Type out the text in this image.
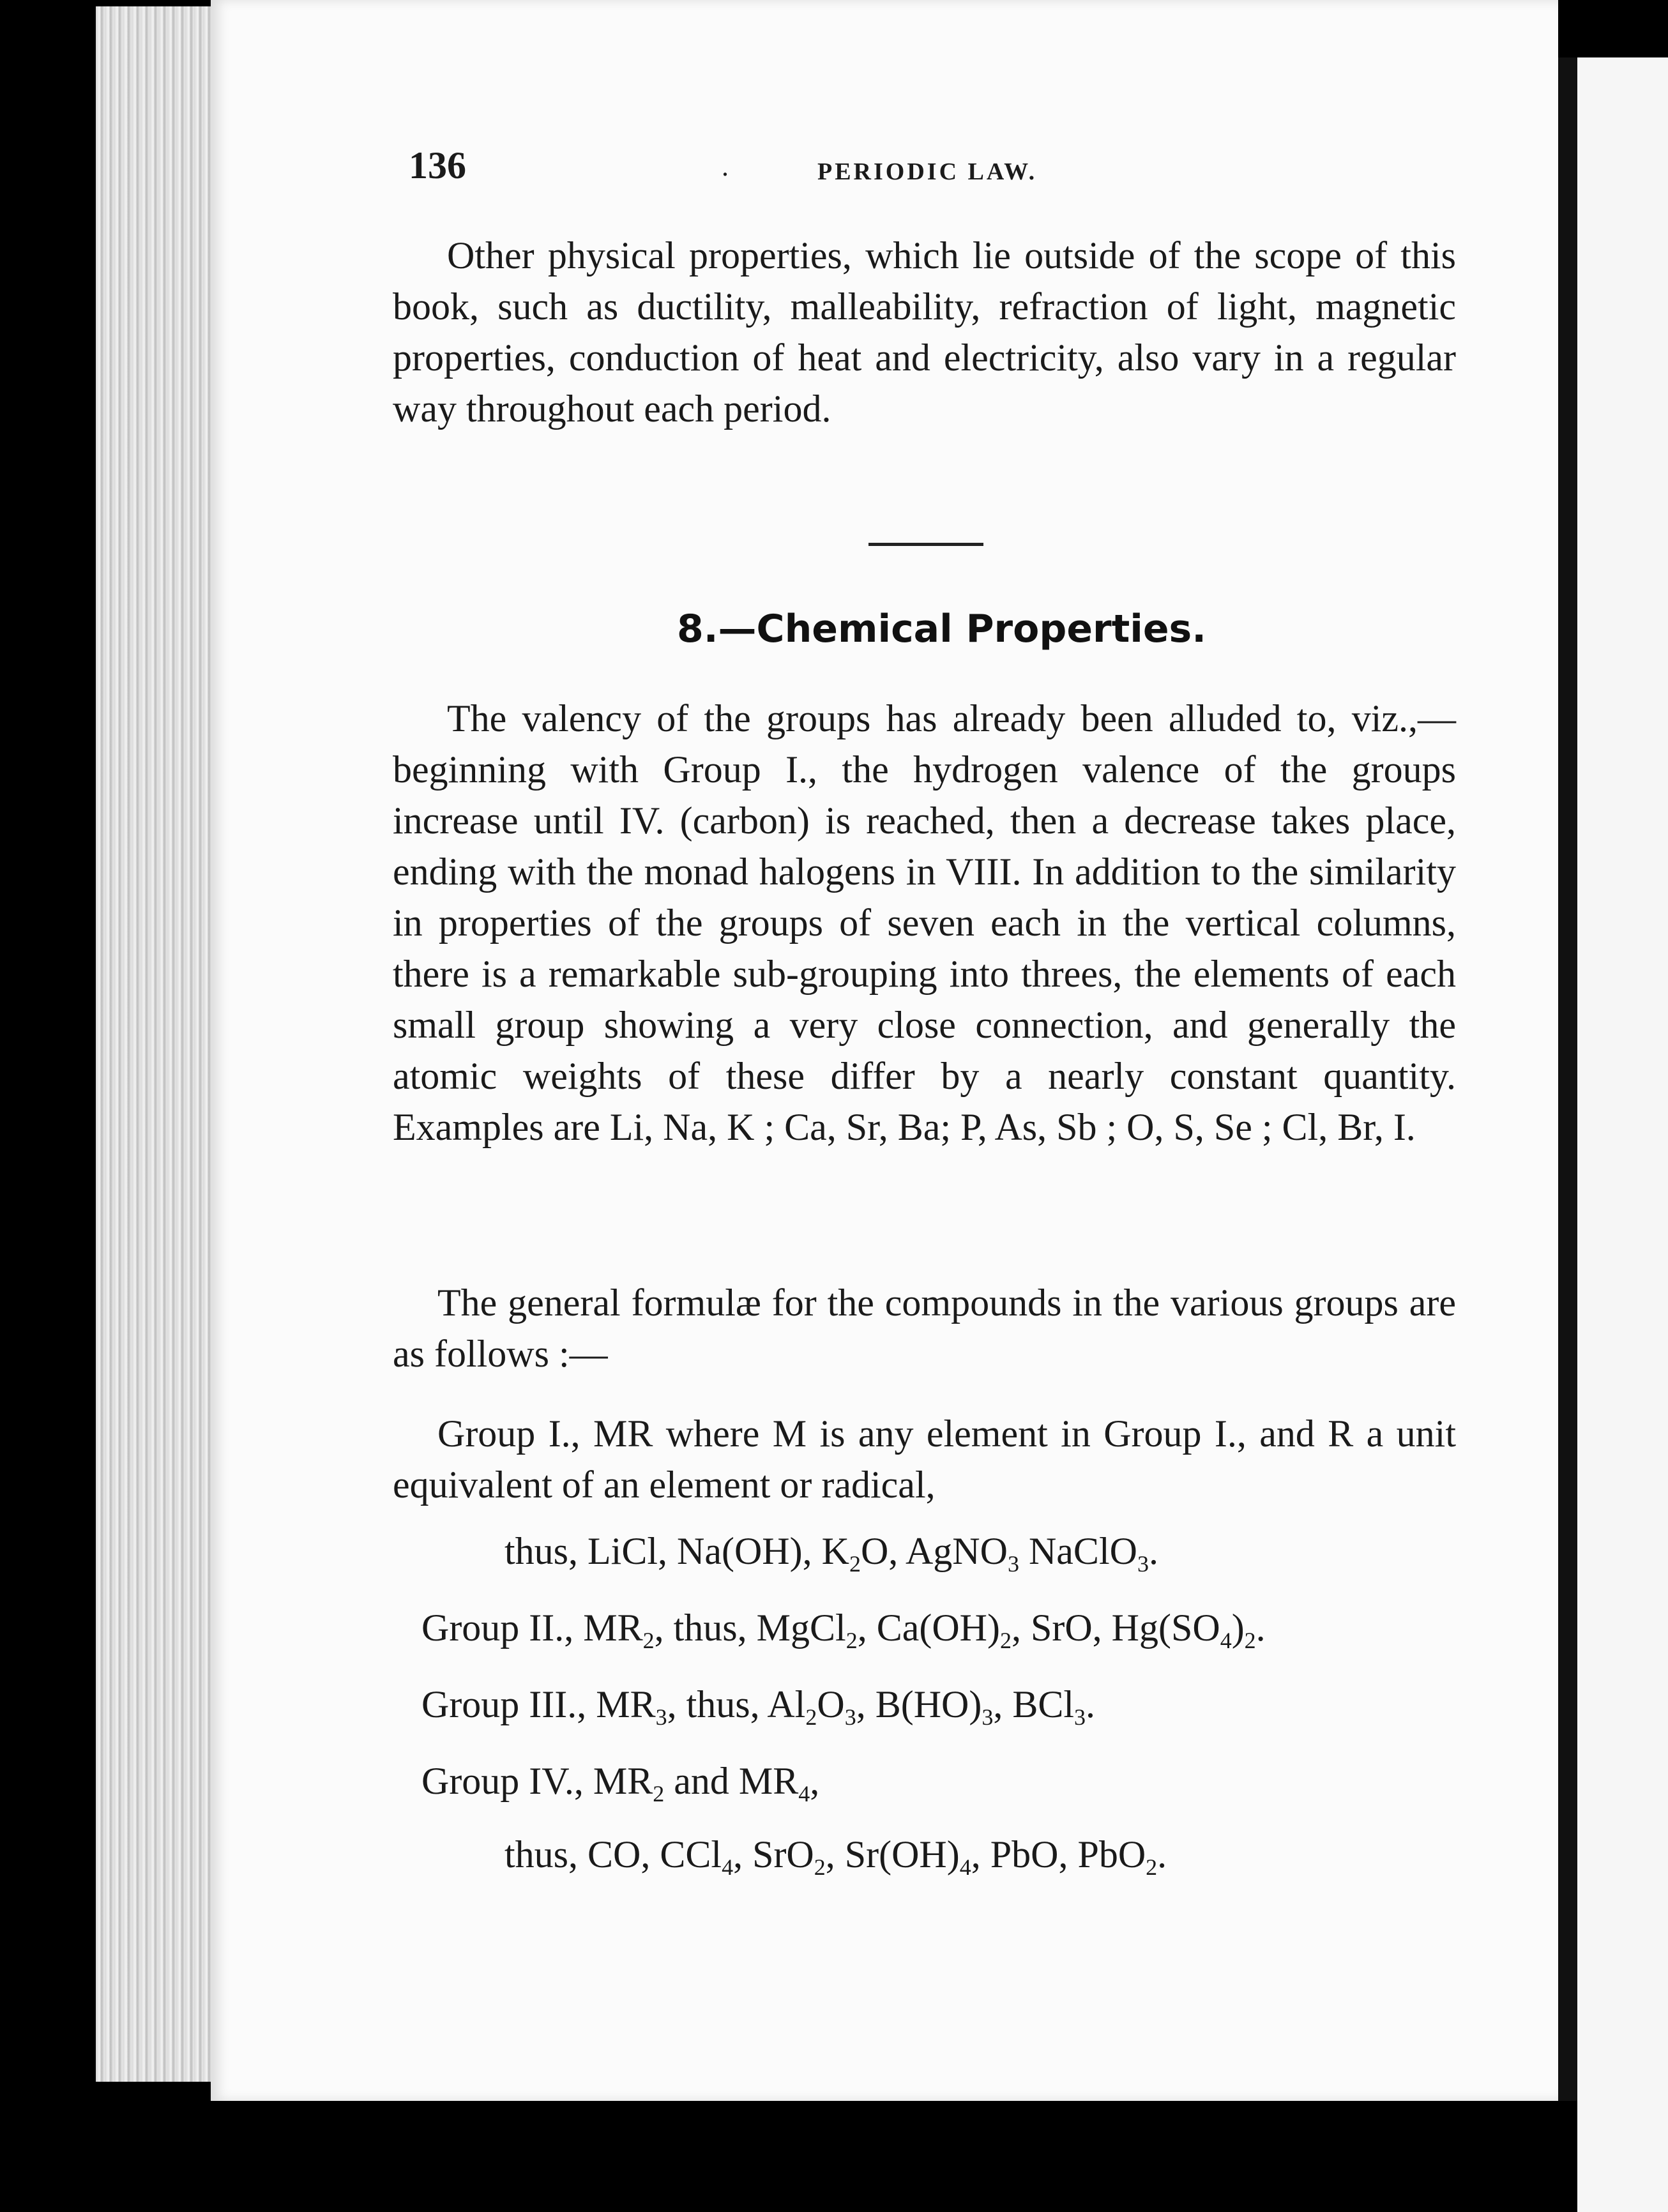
136	.	PERIODIC LAW.

Other physical properties, which lie outside of the scope of this book, such as ductility, malleability, refraction of light, magnetic properties, conduction of heat and electricity, also vary in a regular way throughout each period.

8.—Chemical Properties.

The valency of the groups has already been alluded to, viz.,—beginning with Group I., the hydrogen valence of the groups increase until IV. (carbon) is reached, then a decrease takes place, ending with the monad halogens in VIII. In addition to the similarity in properties of the groups of seven each in the vertical columns, there is a remarkable sub-grouping into threes, the elements of each small group showing a very close connection, and generally the atomic weights of these differ by a nearly constant quantity. Examples are Li, Na, K ; Ca, Sr, Ba; P, As, Sb ; O, S, Se ; Cl, Br, I.

The general formulæ for the compounds in the various groups are as follows :—

Group I., MR where M is any element in Group I., and R a unit equivalent of an element or radical,

thus, LiCl, Na(OH), $K_2O$, AgNO$_3$ NaClO$_3$.
Group II., $MR_2$, thus, MgCl$_2$, $Ca(OH)_2$, SrO, $Hg(SO_4)_2$.
Group III., $MR_3$, thus, $Al_2O_3$, $B(HO)_3$, BCl$_3$.
Group IV., $MR_2$ and $MR_4$,
thus, CO, CCl$_4$, SrO$_2$, $Sr(OH)_4$, PbO, PbO$_2$.
